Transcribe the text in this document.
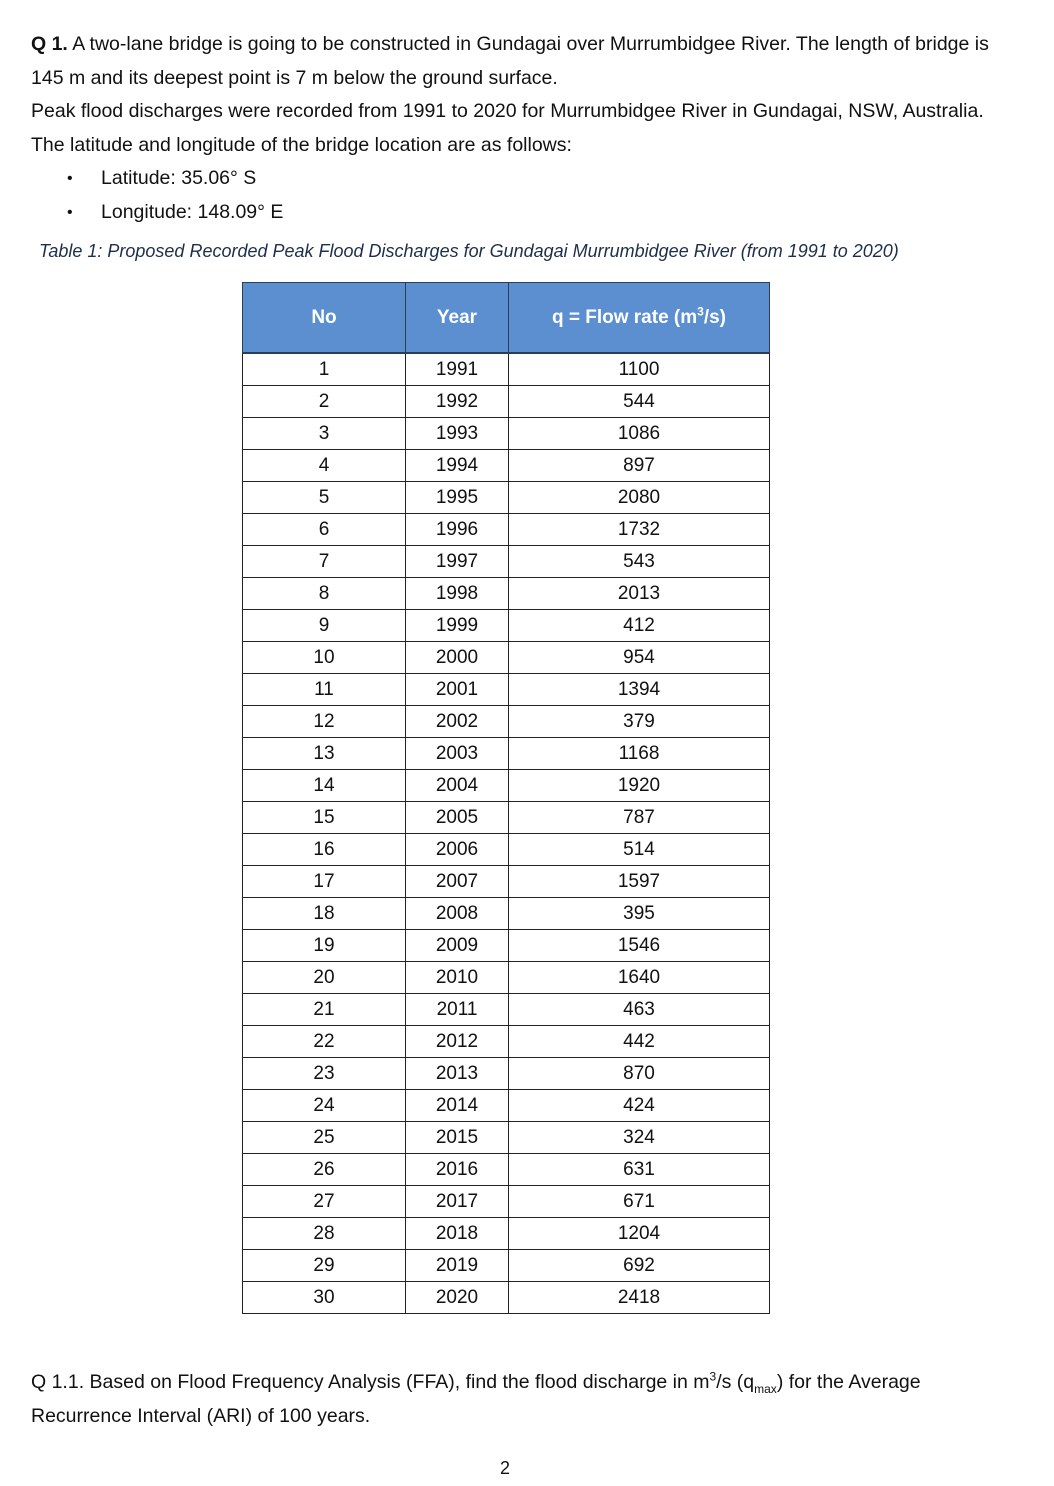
Q 1. A two-lane bridge is going to be constructed in Gundagai over Murrumbidgee River. The length of bridge is 145 m and its deepest point is 7 m below the ground surface.

Peak flood discharges were recorded from 1991 to 2020 for Murrumbidgee River in Gundagai, NSW, Australia. The latitude and longitude of the bridge location are as follows:

• Latitude: 35.06° S
• Longitude: 148.09° E
Table 1: Proposed Recorded Peak Flood Discharges for Gundagai Murrumbidgee River (from 1991 to 2020)
No	Year	q = Flow rate $(m^3/s)$
1	1991	1100
2	1992	544
3	1993	1086
4	1994	897
5	1995	2080
6	1996	1732
7	1997	543
8	1998	2013
9	1999	412
10	2000	954
11	2001	1394
12	2002	379
13	2003	1168
14	2004	1920
15	2005	787
16	2006	514
17	2007	1597
18	2008	395
19	2009	1546
20	2010	1640
21	2011	463
22	2012	442
23	2013	870
24	2014	424
25	2015	324
26	2016	631
27	2017	671
28	2018	1204
29	2019	692
30	2020	2418

Q 1.1. Based on Flood Frequency Analysis (FFA), find the flood discharge in $m^3/s$ $(q_{max})$ for the Average Recurrence Interval (ARI) of 100 years.

2
